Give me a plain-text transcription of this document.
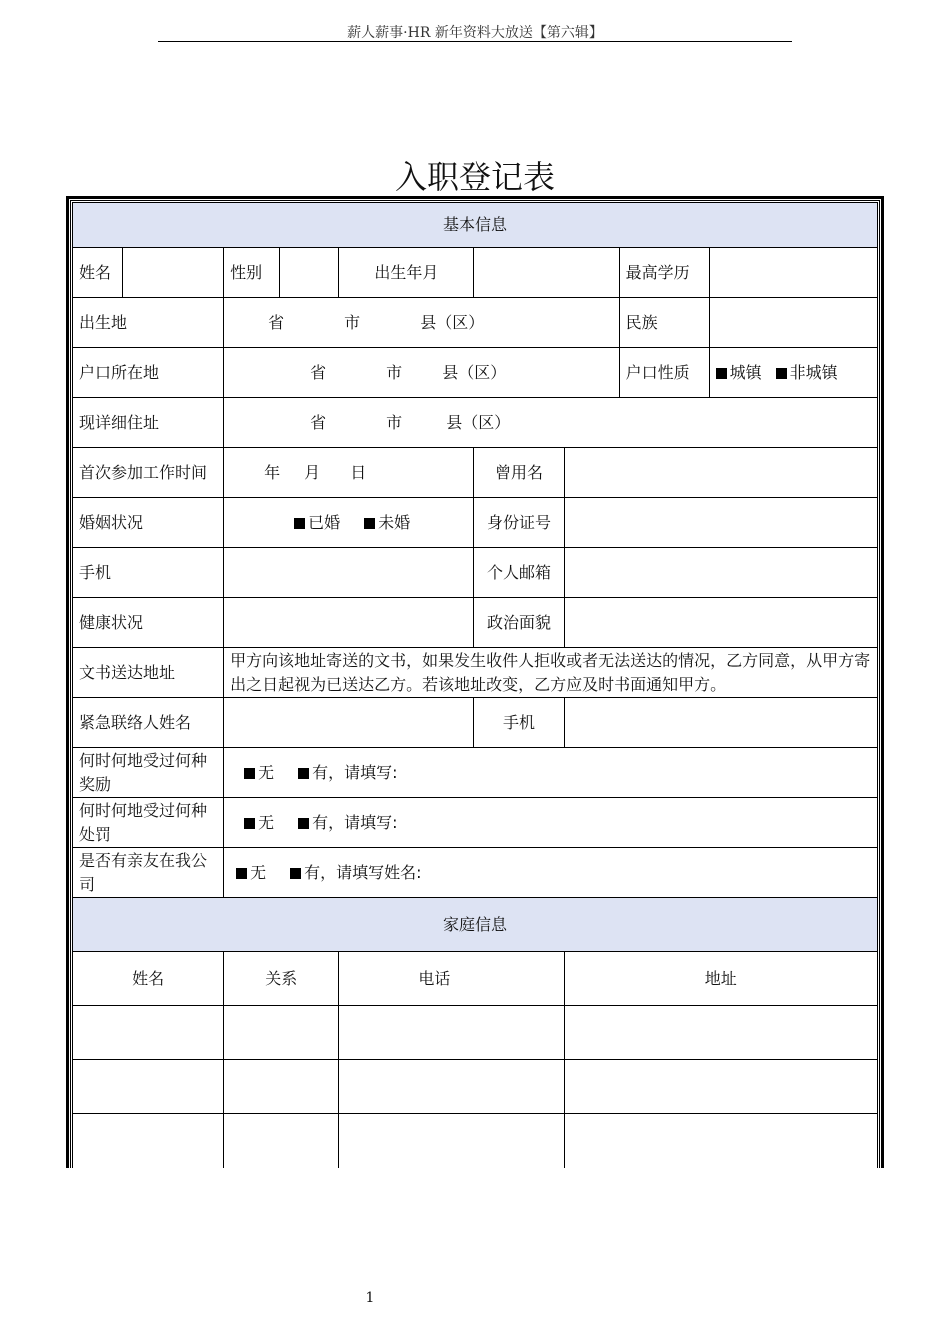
薪人薪事·HR 新年资料大放送【第六辑】
入职登记表
基本信息								
姓名		性别		出生年月			最高学历	
出生地		省 市 县（区）					民族	
户口所在地		省 市 县（区）					户口性质	城镇 非城镇
现详细住址		省 市 县（区）						
首次参加工作时间		年 月 日			曾用名			
婚姻状况		已婚 未婚			身份证号			
手机					个人邮箱			
健康状况					政治面貌			
文书送达地址		甲方向该地址寄送的文书，如果发生收件人拒收或者无法送达的情况，乙方同意，从甲方寄出之日起视为已送达乙方。若该地址改变，乙方应及时书面通知甲方。						
紧急联络人姓名					手机			
何时何地受过何种奖励		无 有，请填写:						
何时何地受过何种处罚		无 有，请填写:						
是否有亲友在我公司		无 有，请填写姓名:						
家庭信息								
姓名		关系		电话		地址		

1
